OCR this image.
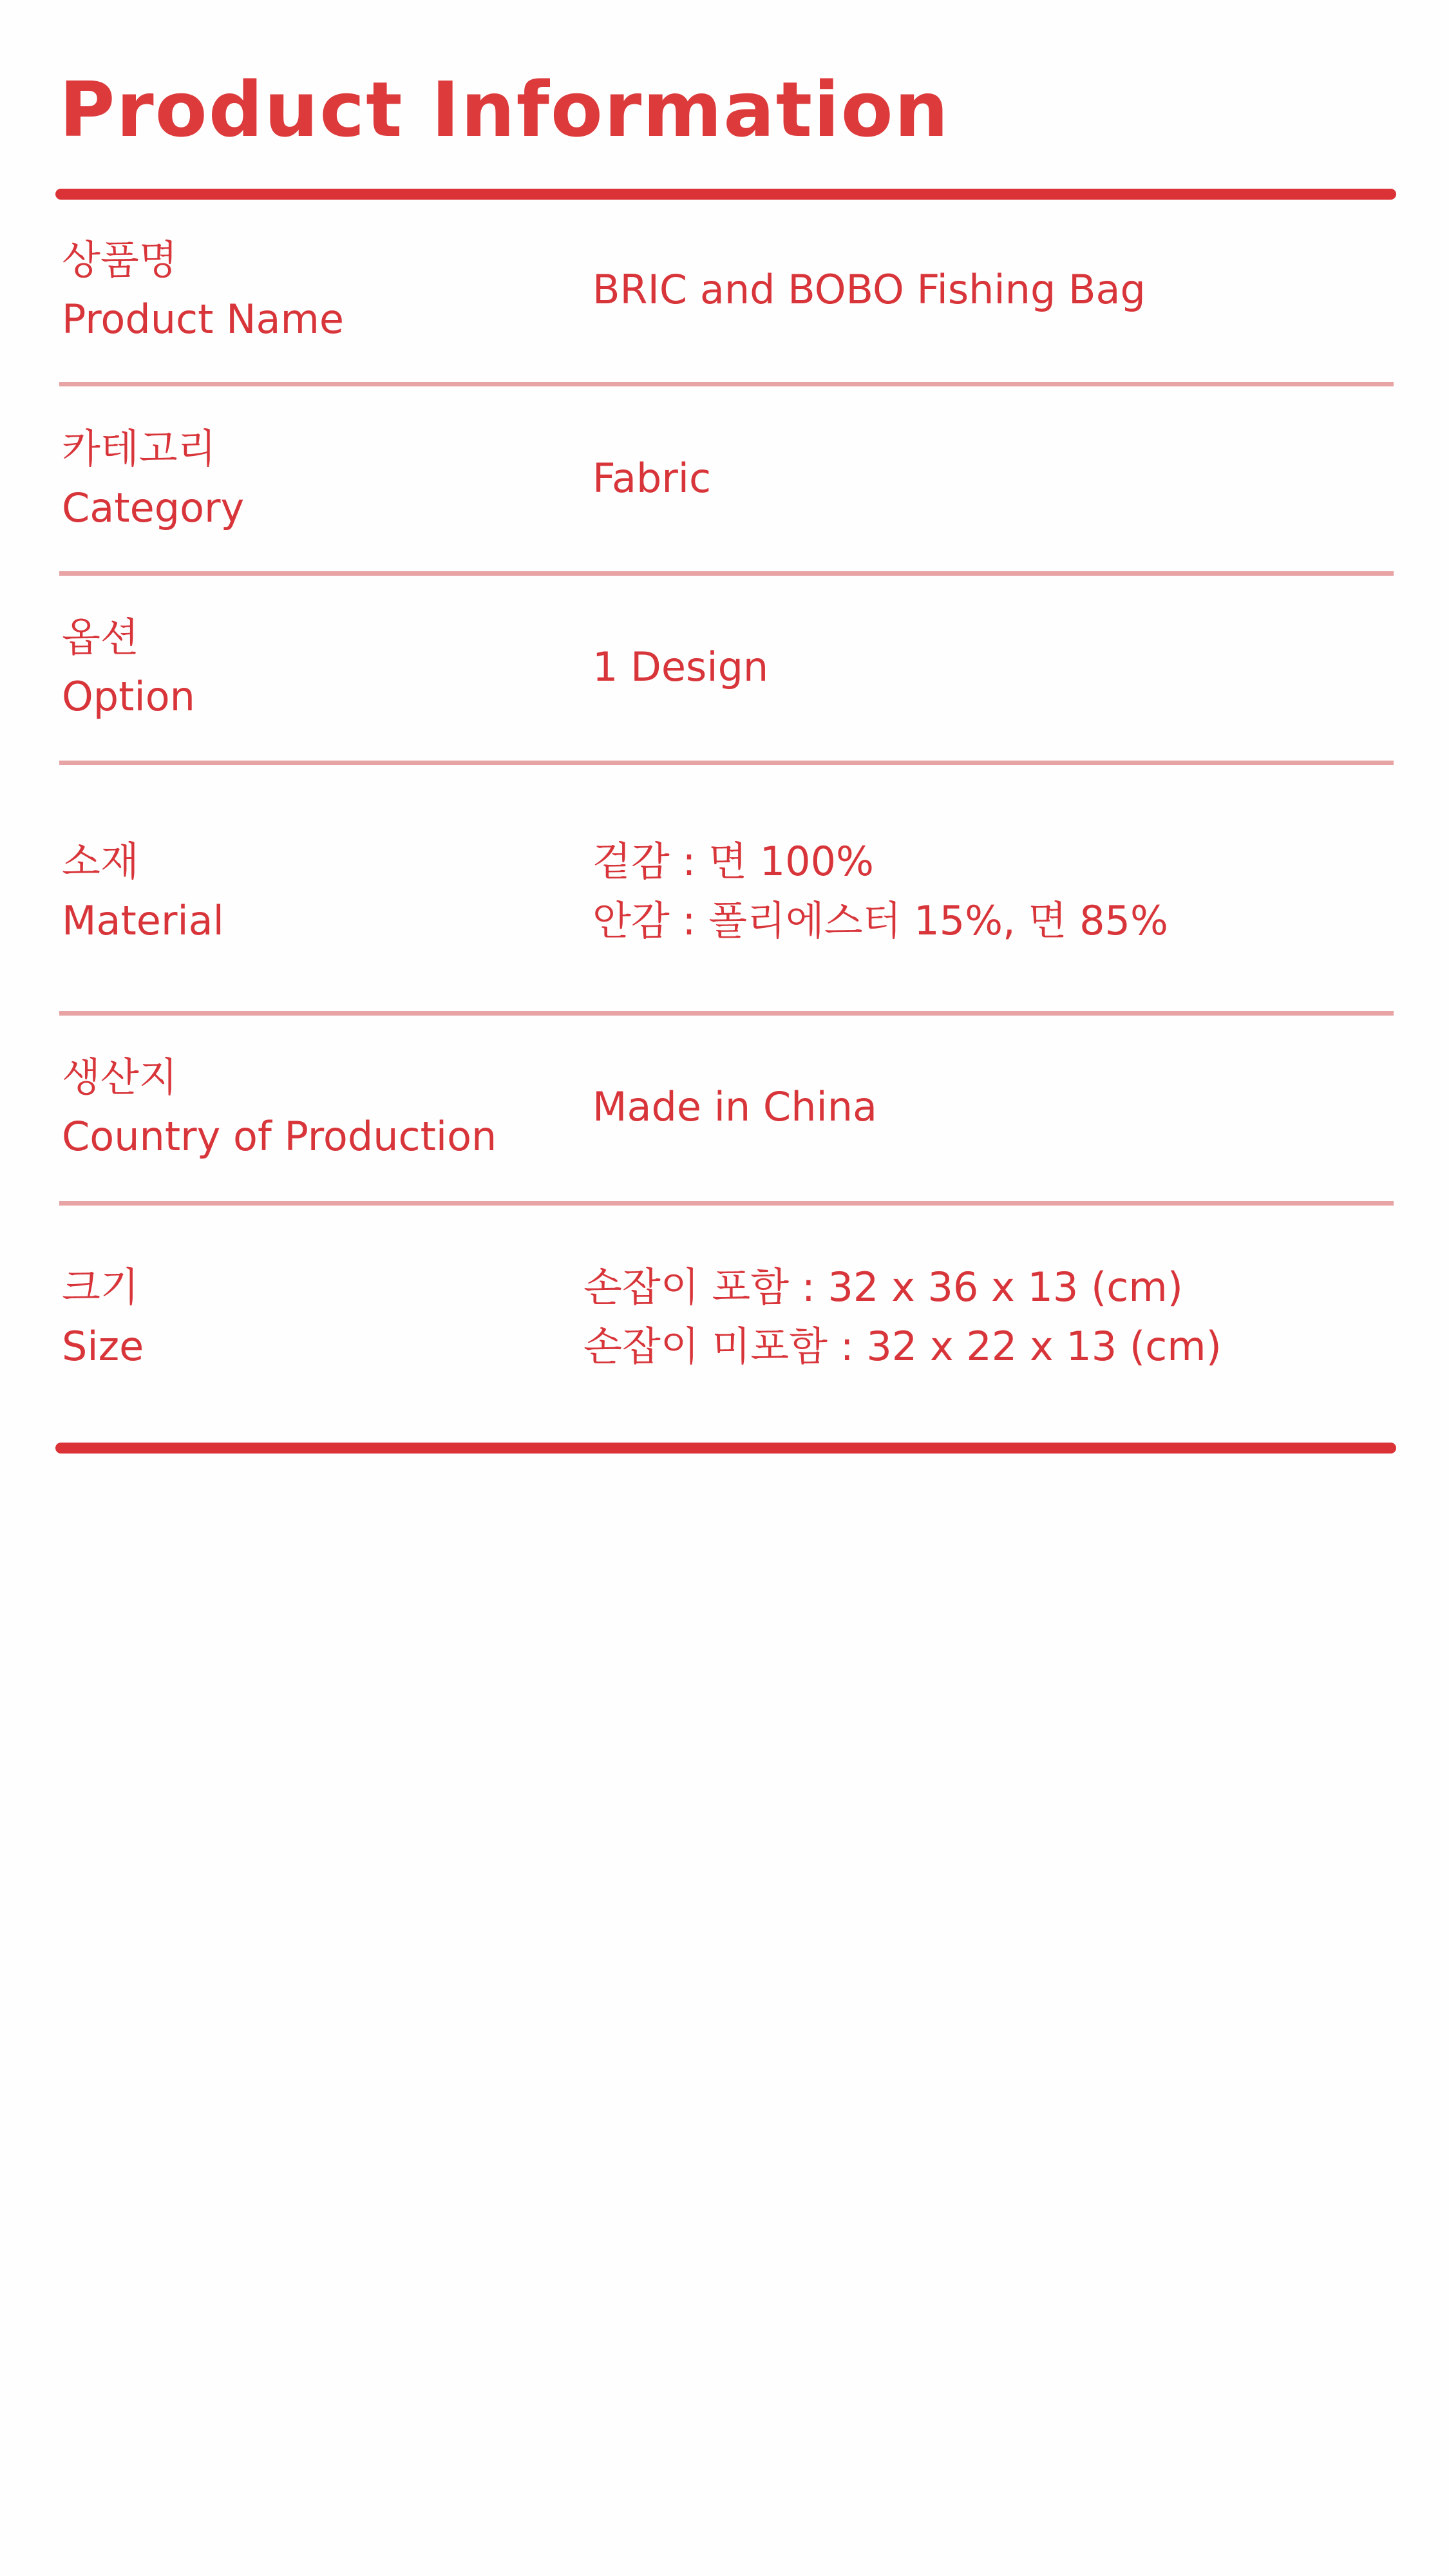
Product Information
상품명
Product Name
BRIC and BOBO Fishing Bag
카테고리
Category
Fabric
옵션
Option
1 Design
소재
Material
겉감 : 면 100%
안감 : 폴리에스터 15%, 면 85%
생산지
Country of Production
Made in China
크기
Size
손잡이 포함 : 32 x 36 x 13 (cm)
손잡이 미포함 : 32 x 22 x 13 (cm)
